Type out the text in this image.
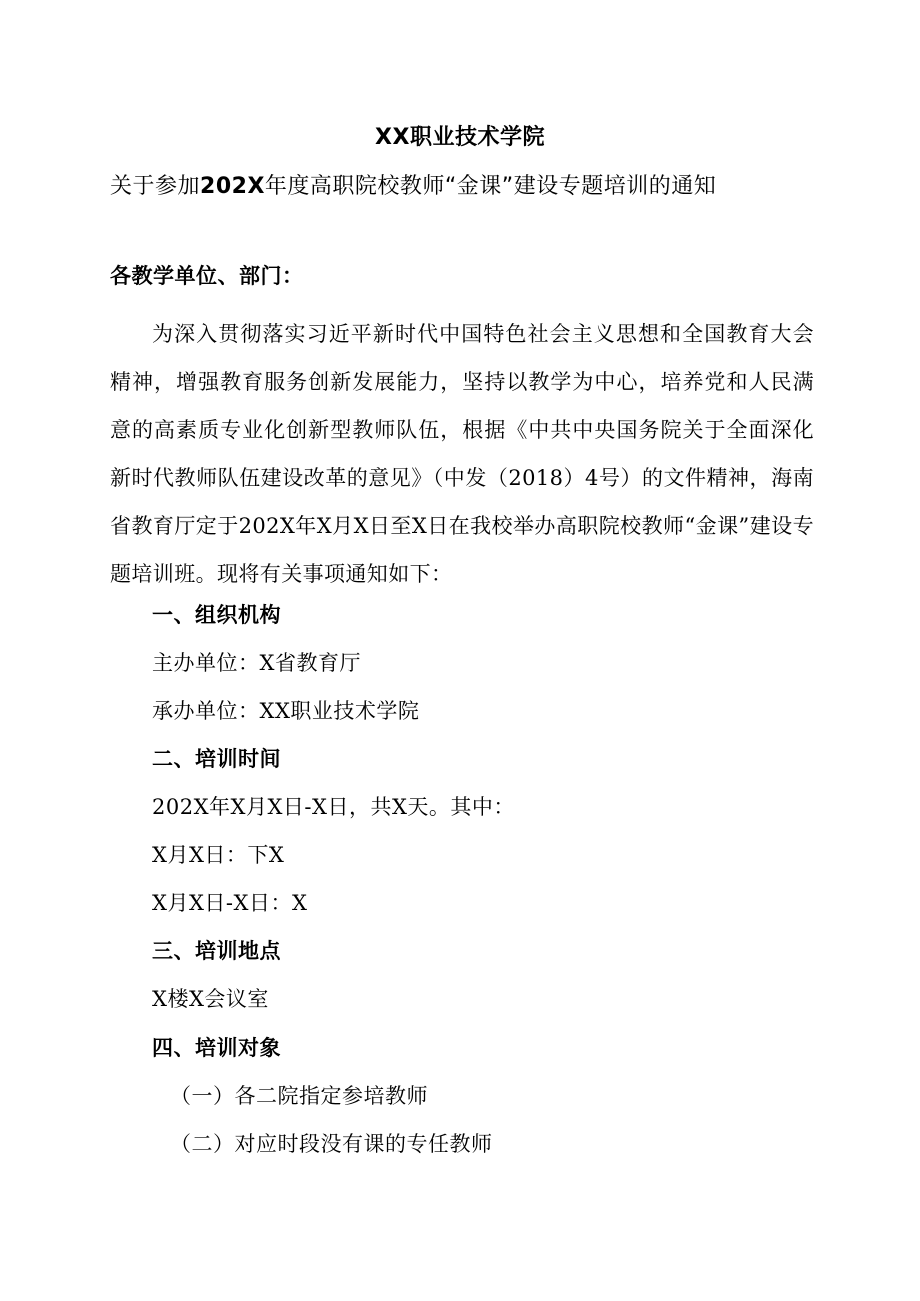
XX职业技术学院
关于参加202X年度高职院校教师“金课”建设专题培训的通知
各教学单位、部门：
为深入贯彻落实习近平新时代中国特色社会主义思想和全国教育大会精神，增强教育服务创新发展能力，坚持以教学为中心，培养党和人民满意的高素质专业化创新型教师队伍，根据《中共中央国务院关于全面深化新时代教师队伍建设改革的意见》（中发（2018）4号）的文件精神，海南省教育厅定于202X年X月X日至X日在我校举办高职院校教师“金课”建设专题培训班。现将有关事项通知如下：
一、组织机构
主办单位：X省教育厅
承办单位：XX职业技术学院
二、培训时间
202X年X月X日-X日，共X天。其中：
X月X日：下X
X月X日-X日：X
三、培训地点
X楼X会议室
四、培训对象
（一）各二院指定参培教师
（二）对应时段没有课的专任教师
